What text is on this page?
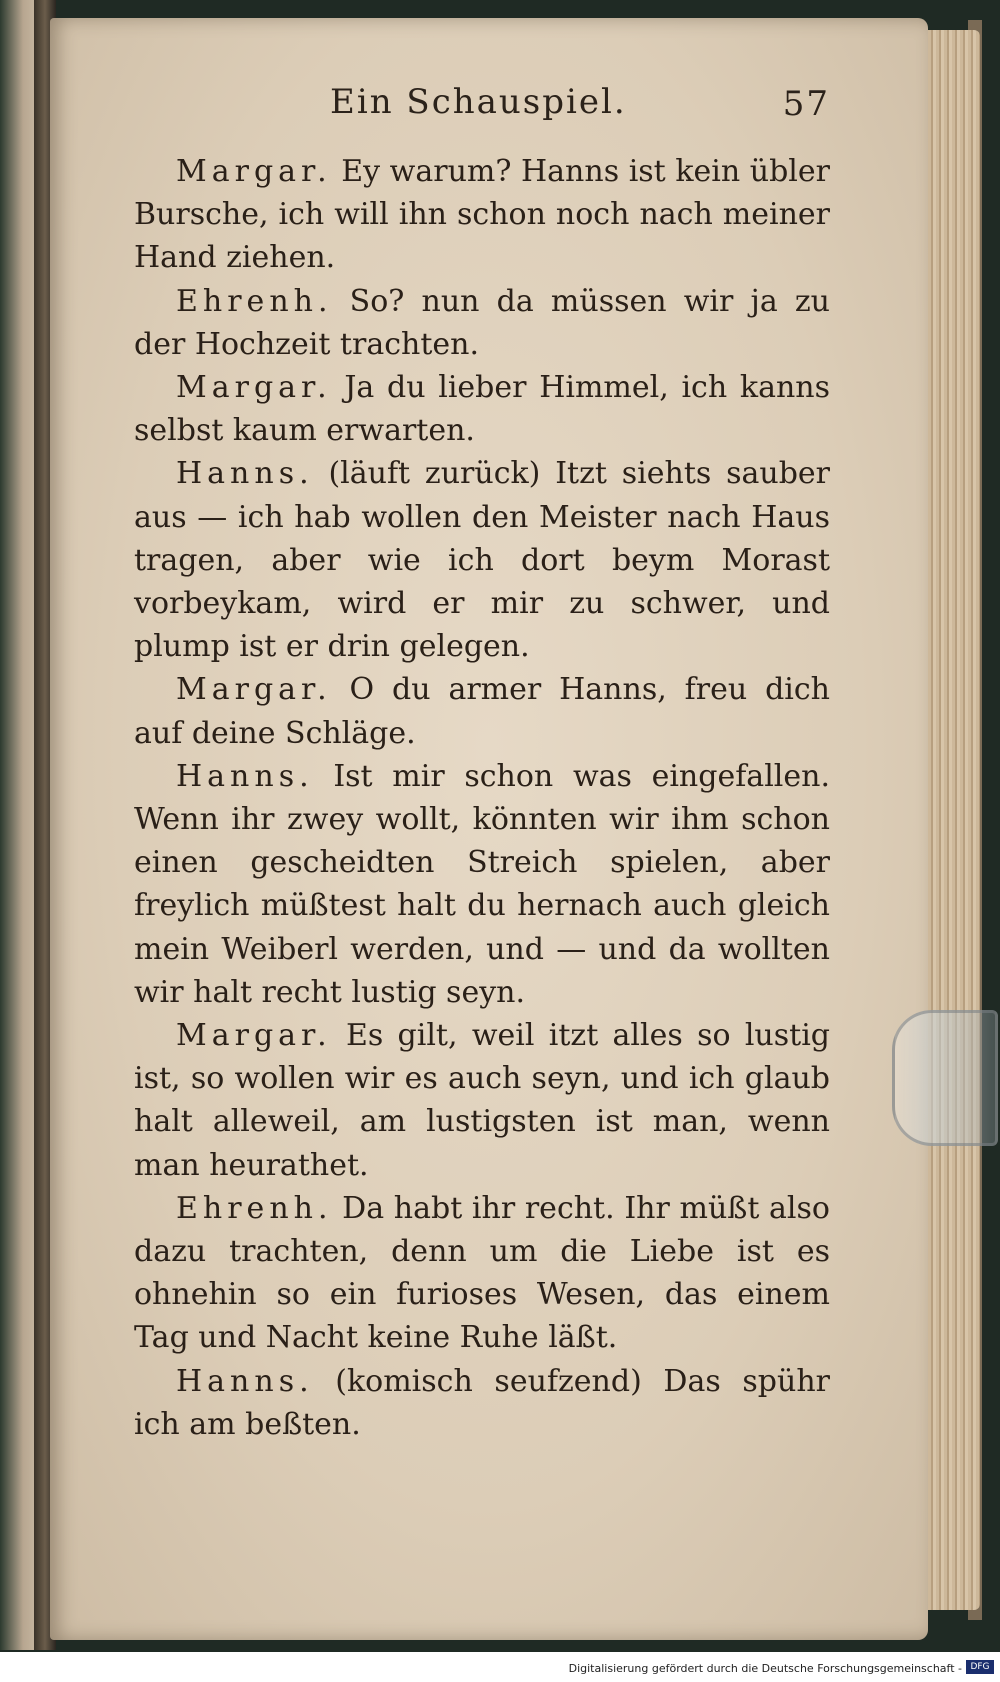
Ein Schauspiel.	57

Margar. Ey warum? Hanns ist kein übler Bursche, ich will ihn schon noch nach meiner Hand ziehen.

Ehrenh. So? nun da müssen wir ja zu der Hochzeit trachten.

Margar. Ja du lieber Himmel, ich kanns selbst kaum erwarten.

Hanns. (läuft zurück) Itzt siehts sauber aus — ich hab wollen den Meister nach Haus tragen, aber wie ich dort beym Morast vorbeykam, wird er mir zu schwer, und plump ist er drin gelegen.

Margar. O du armer Hanns, freu dich auf deine Schläge.

Hanns. Ist mir schon was eingefallen. Wenn ihr zwey wollt, könnten wir ihm schon einen gescheidten Streich spielen, aber freylich müßtest halt du hernach auch gleich mein Weiberl werden, und — und da wollten wir halt recht lustig seyn.

Margar. Es gilt, weil itzt alles so lustig ist, so wollen wir es auch seyn, und ich glaub halt alleweil, am lustigsten ist man, wenn man heurathet.

Ehrenh. Da habt ihr recht. Ihr müßt also dazu trachten, denn um die Liebe ist es ohnehin so ein furioses Wesen, das einem Tag und Nacht keine Ruhe läßt.

Hanns. (komisch seufzend) Das spühr ich am beßten.

Digitalisierung gefördert durch die Deutsche Forschungsgemeinschaft - DFG
